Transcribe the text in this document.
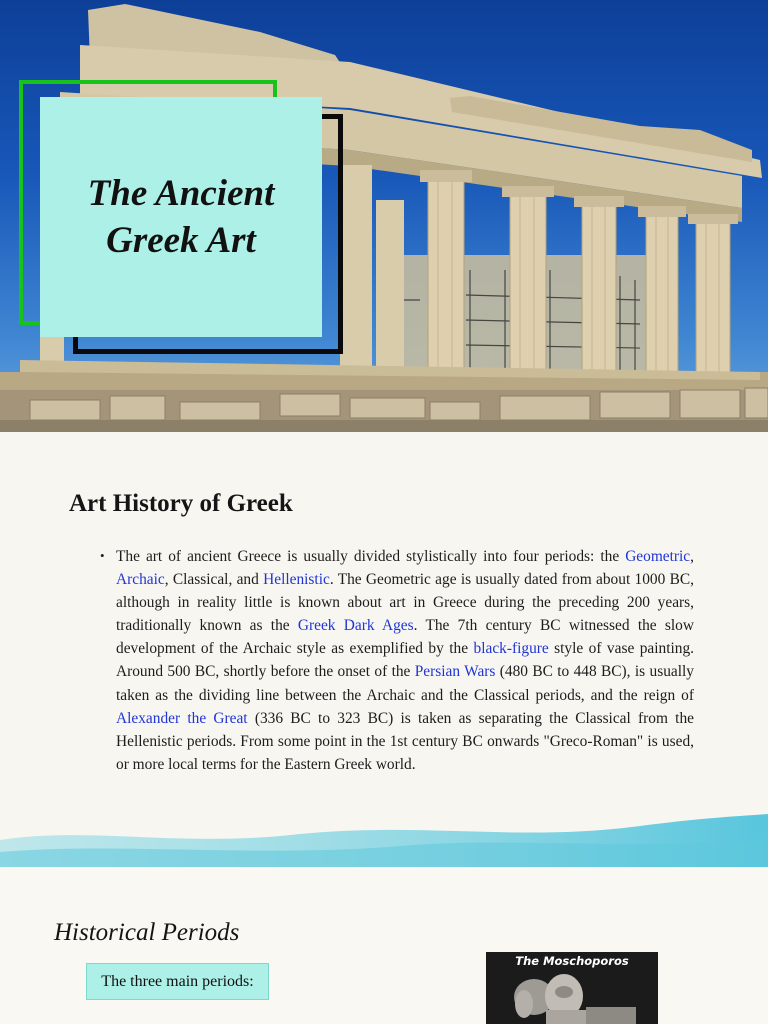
The Ancient
Greek Art
Art History of Greek
• The art of ancient Greece is usually divided stylistically into four periods: the Geometric, Archaic, Classical, and Hellenistic. The Geometric age is usually dated from about 1000 BC, although in reality little is known about art in Greece during the preceding 200 years, traditionally known as the Greek Dark Ages. The 7th century BC witnessed the slow development of the Archaic style as exemplified by the black-figure style of vase painting. Around 500 BC, shortly before the onset of the Persian Wars (480 BC to 448 BC), is usually taken as the dividing line between the Archaic and the Classical periods, and the reign of Alexander the Great (336 BC to 323 BC) is taken as separating the Classical from the Hellenistic periods. From some point in the 1st century BC onwards "Greco-Roman" is used, or more local terms for the Eastern Greek world.

Historical Periods
The three main periods:
The Moschoporos
